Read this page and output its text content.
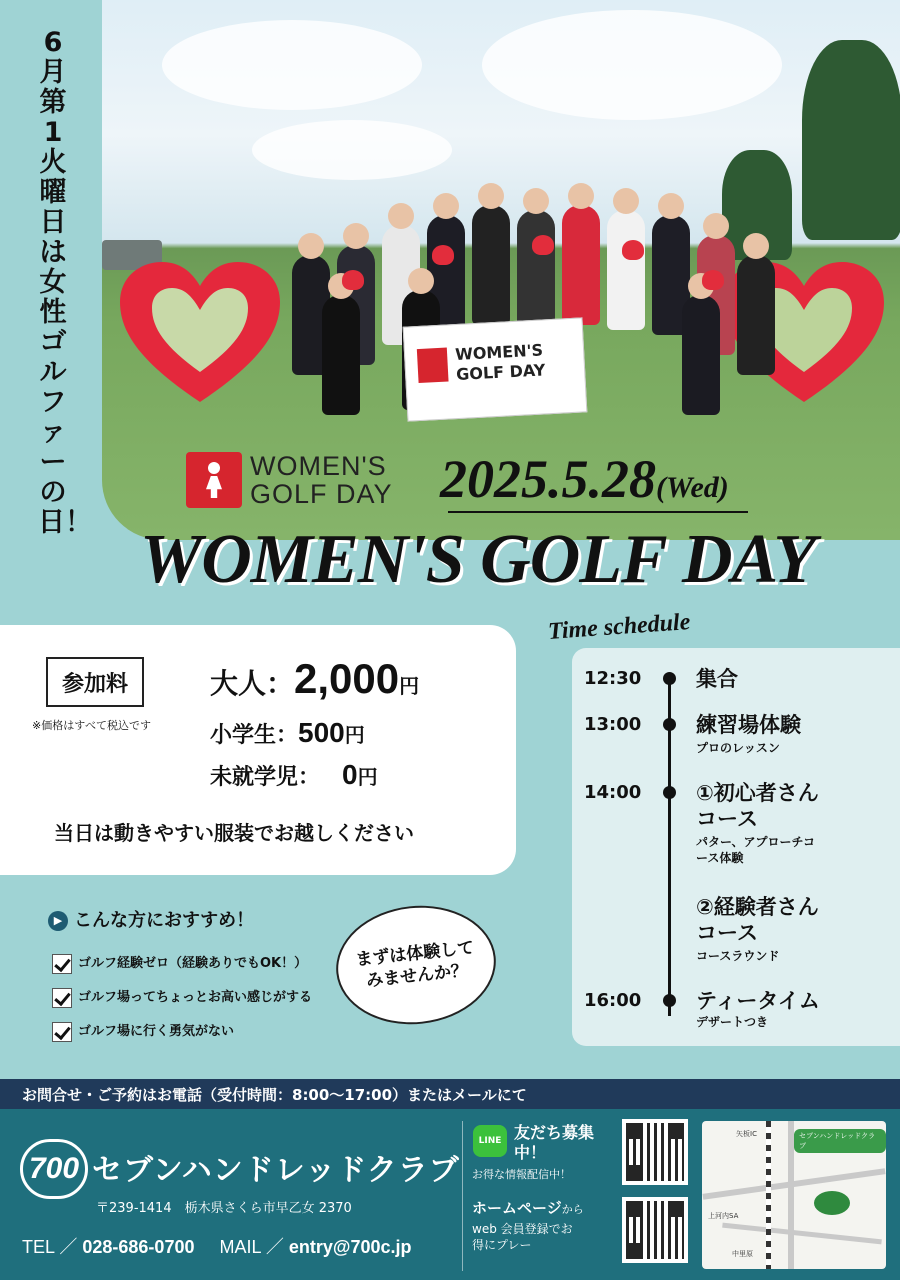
6月第1火曜日は女性ゴルファーの日！
WOMEN'S
GOLF DAY
WOMEN'S
GOLF DAY 2025.5.28(Wed)
WOMEN'S GOLF DAY
参加料
※価格はすべて税込です
大人：2,000円
小学生：500円
未就学児： 0円
当日は動きやすい服装でお越しください
Time schedule
12:30	集合
13:00	練習場体験
プロのレッスン
14:00	①初心者さんコース
パター、アプローチコース体験
②経験者さんコース
コースラウンド
16:00	ティータイム
デザートつき
▶ こんな方におすすめ！
ゴルフ経験ゼロ（経験ありでもOK！）
ゴルフ場ってちょっとお高い感じがする
ゴルフ場に行く勇気がない
まずは体験してみませんか？
お問合せ・ご予約はお電話（受付時間：8:00〜17:00）またはメールにて
700 セブンハンドレッドクラブ
〒239-1414　栃木県さくら市早乙女 2370
TEL ／ 028-686-0700 MAIL ／ entry@700c.jp
LINE 友だち募集中！
お得な情報配信中！
ホームページから
web 会員登録でお得にプレー
セブンハンドレッドクラブ
矢板IC
上河内SA
中里原
